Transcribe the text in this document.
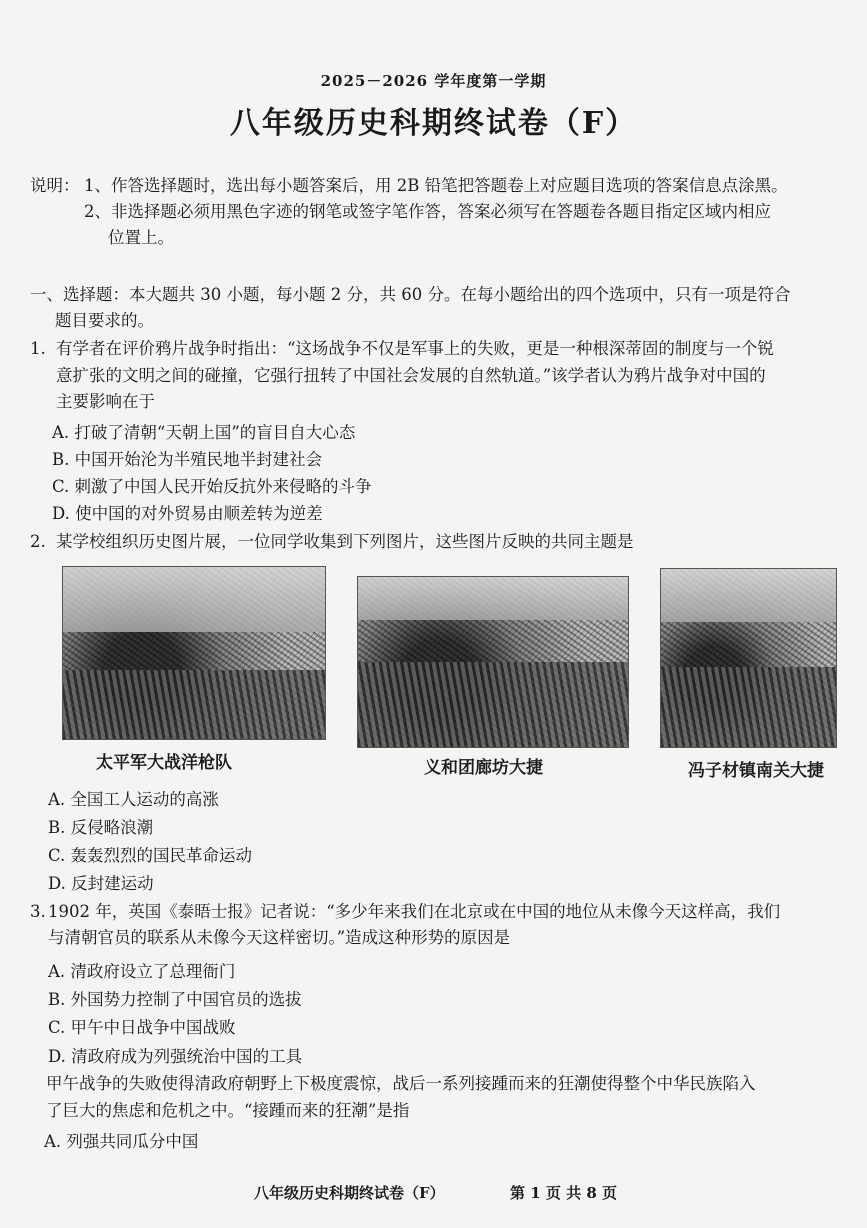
2025－2026 学年度第一学期
八年级历史科期终试卷（F）
说明： 1、作答选择题时，选出每小题答案后，用 2B 铅笔把答题卷上对应题目选项的答案信息点涂黑。
2、非选择题必须用黑色字迹的钢笔或签字笔作答，答案必须写在答题卷各题目指定区域内相应
位置上。
一、选择题：本大题共 30 小题，每小题 2 分，共 60 分。在每小题给出的四个选项中，只有一项是符合
题目要求的。
1. 有学者在评价鸦片战争时指出：“这场战争不仅是军事上的失败，更是一种根深蒂固的制度与一个锐
意扩张的文明之间的碰撞，它强行扭转了中国社会发展的自然轨道。”该学者认为鸦片战争对中国的
主要影响在于
A. 打破了清朝“天朝上国”的盲目自大心态
B. 中国开始沦为半殖民地半封建社会
C. 刺激了中国人民开始反抗外来侵略的斗争
D. 使中国的对外贸易由顺差转为逆差
2. 某学校组织历史图片展，一位同学收集到下列图片，这些图片反映的共同主题是
太平军大战洋枪队	义和团廊坊大捷	冯子材镇南关大捷
A. 全国工人运动的高涨
B. 反侵略浪潮
C. 轰轰烈烈的国民革命运动
D. 反封建运动
3. 1902 年，英国《泰晤士报》记者说：“多少年来我们在北京或在中国的地位从未像今天这样高，我们
与清朝官员的联系从未像今天这样密切。”造成这种形势的原因是
A. 清政府设立了总理衙门
B. 外国势力控制了中国官员的选拔
C. 甲午中日战争中国战败
D. 清政府成为列强统治中国的工具
甲午战争的失败使得清政府朝野上下极度震惊，战后一系列接踵而来的狂潮使得整个中华民族陷入
了巨大的焦虑和危机之中。“接踵而来的狂潮”是指
A. 列强共同瓜分中国
八年级历史科期终试卷（F）	第 1 页 共 8 页
